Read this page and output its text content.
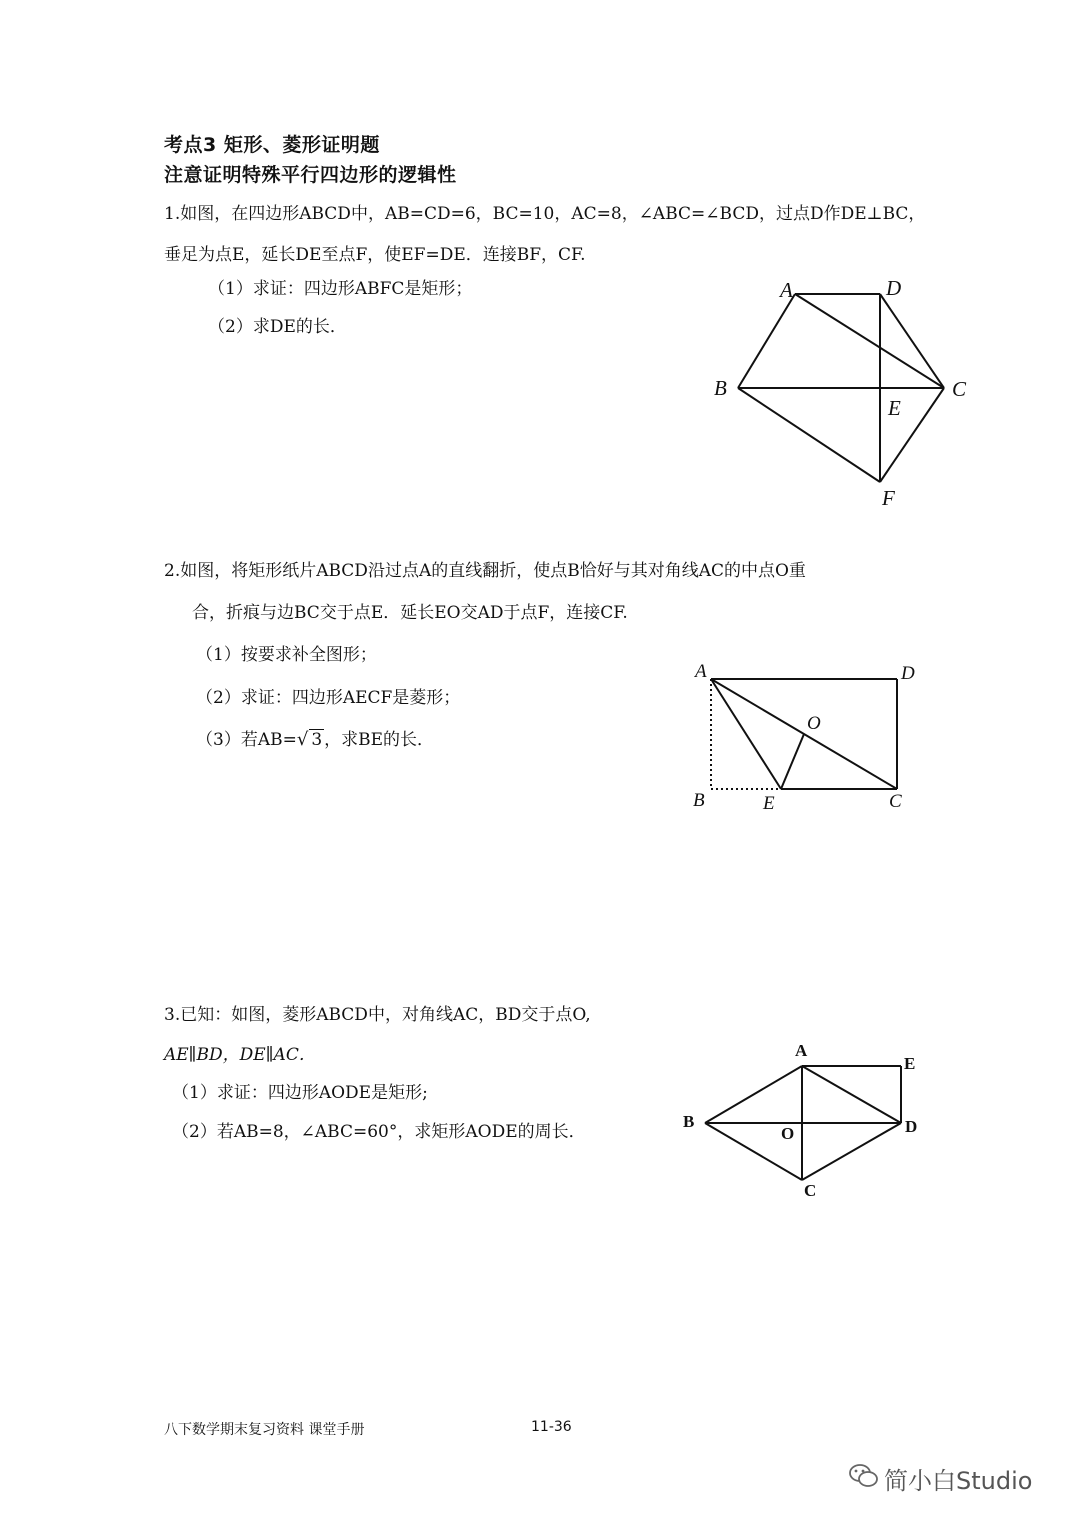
考点3 矩形、菱形证明题
注意证明特殊平行四边形的逻辑性
1.如图，在四边形ABCD中，AB=CD=6，BC=10，AC=8，∠ABC=∠BCD，过点D作DE⊥BC，
垂足为点E，延长DE至点F，使EF=DE．连接BF，CF.
（1）求证：四边形ABFC是矩形；
（2）求DE的长．
A	D
B	C
E
F
2.如图，将矩形纸片ABCD沿过点A的直线翻折，使点B恰好与其对角线AC的中点O重
合，折痕与边BC交于点E．延长EO交AD于点F，连接CF.
（1）按要求补全图形；
（2）求证：四边形AECF是菱形；
（3）若AB=√ 3 ，求BE的长．
A	D
O
B	E	C
3.已知：如图，菱形ABCD中，对角线AC，BD交于点O,
AE∥BD，DE∥AC．
（1）求证：四边形AODE是矩形;
（2）若AB=8，∠ABC=60°，求矩形AODE的周长．
A
E
B
O	D
C
八下数学期末复习资料 课堂手册	11-36
简小白Studio
